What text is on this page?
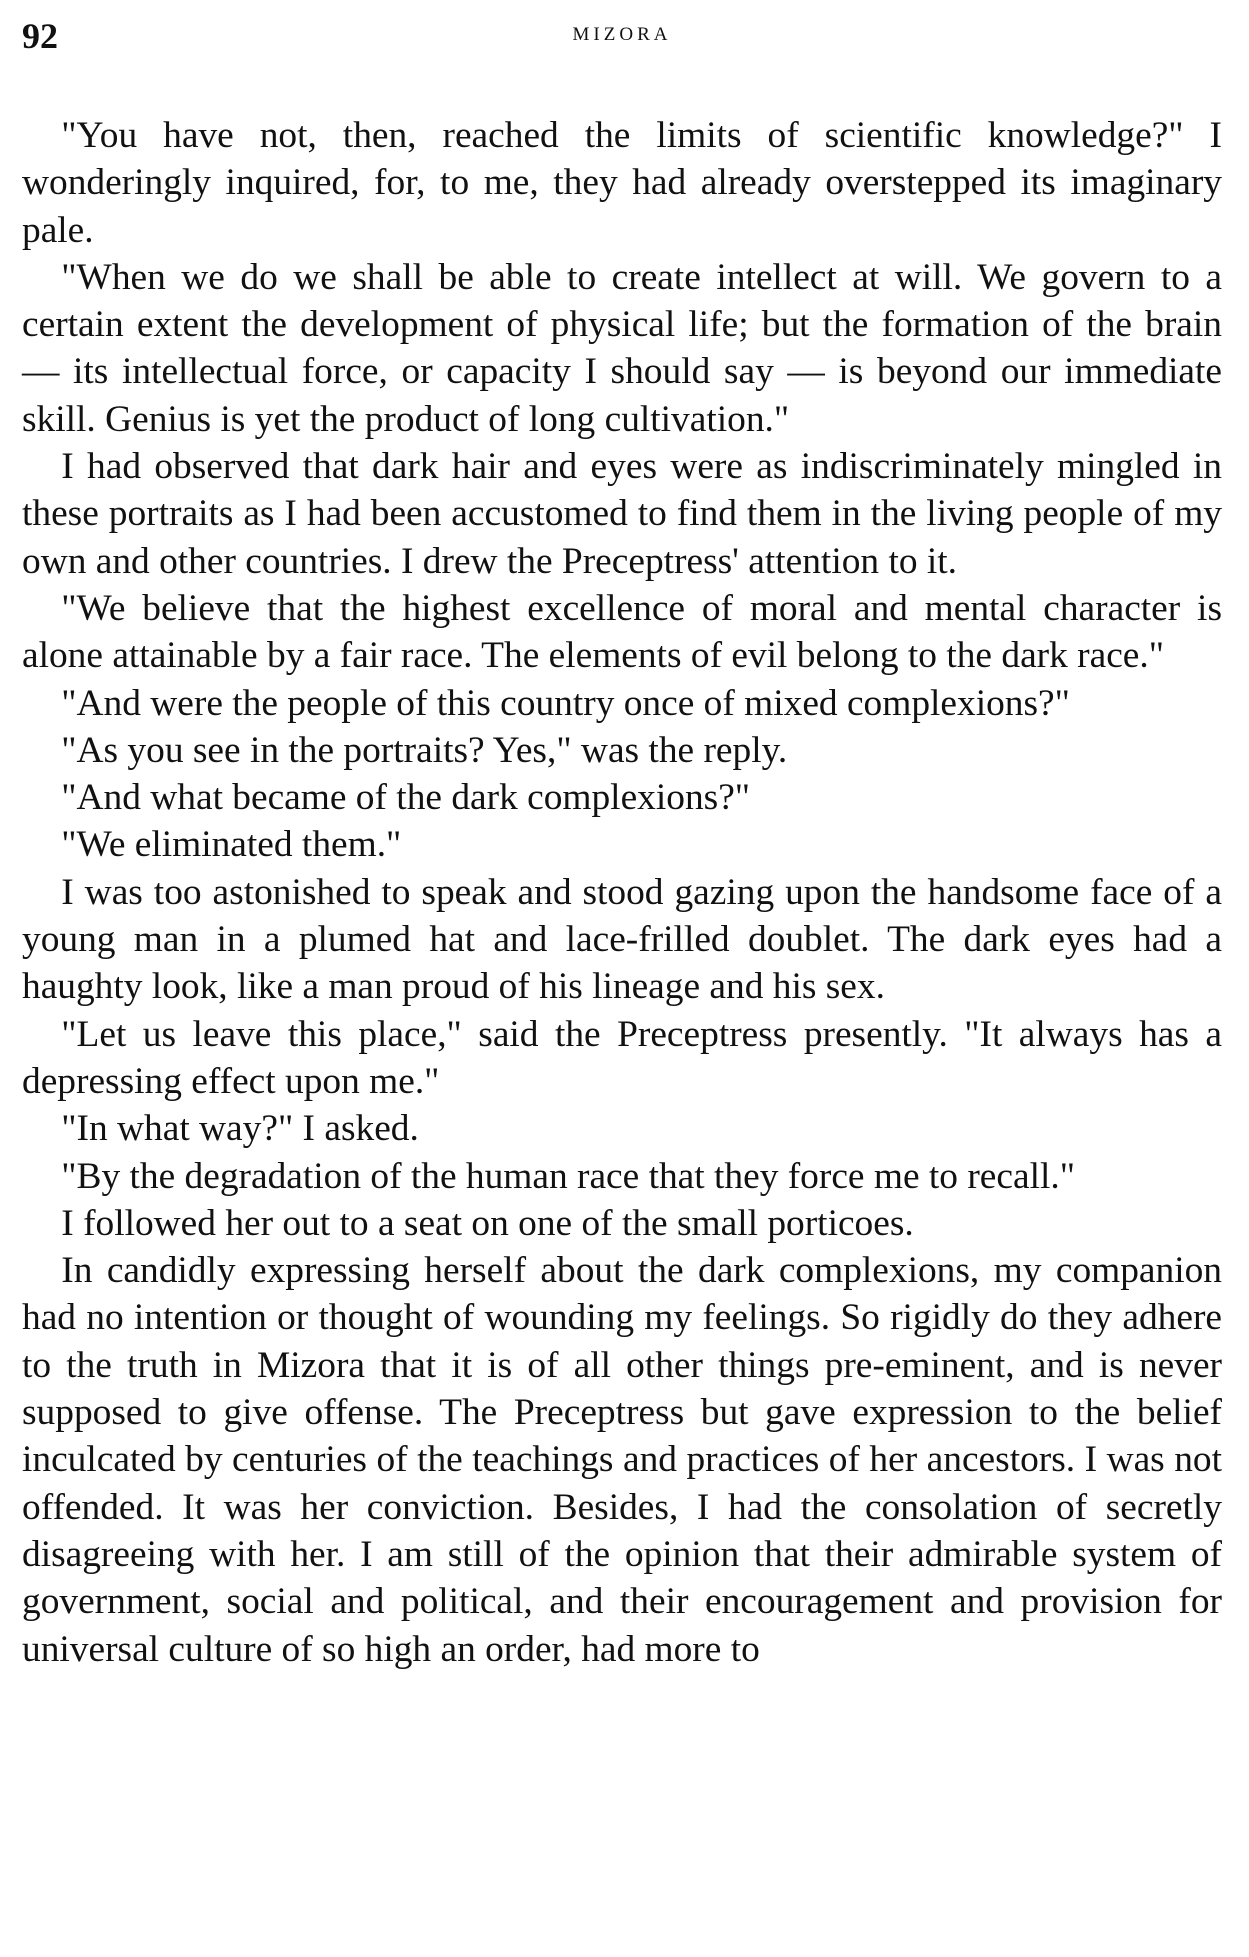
92	MIZORA

"You have not, then, reached the limits of scientific knowledge?" I wonderingly inquired, for, to me, they had already overstepped its imaginary pale.

"When we do we shall be able to create intellect at will. We govern to a certain extent the development of physical life; but the formation of the brain — its intellectual force, or capacity I should say — is beyond our immediate skill. Genius is yet the product of long cultivation."

I had observed that dark hair and eyes were as indiscriminately mingled in these portraits as I had been accustomed to find them in the living people of my own and other countries. I drew the Preceptress' attention to it.

"We believe that the highest excellence of moral and mental character is alone attainable by a fair race. The elements of evil belong to the dark race."

"And were the people of this country once of mixed complexions?"

"As you see in the portraits? Yes," was the reply.

"And what became of the dark complexions?"

"We eliminated them."

I was too astonished to speak and stood gazing upon the handsome face of a young man in a plumed hat and lace-frilled doublet. The dark eyes had a haughty look, like a man proud of his lineage and his sex.

"Let us leave this place," said the Preceptress presently. "It always has a depressing effect upon me."

"In what way?" I asked.

"By the degradation of the human race that they force me to recall."

I followed her out to a seat on one of the small porticoes.

In candidly expressing herself about the dark complexions, my companion had no intention or thought of wounding my feelings. So rigidly do they adhere to the truth in Mizora that it is of all other things pre-eminent, and is never supposed to give offense. The Preceptress but gave expression to the belief inculcated by centuries of the teachings and practices of her ancestors. I was not offended. It was her conviction. Besides, I had the consolation of secretly disagreeing with her. I am still of the opinion that their admirable system of government, social and political, and their encouragement and provision for universal culture of so high an order, had more to
